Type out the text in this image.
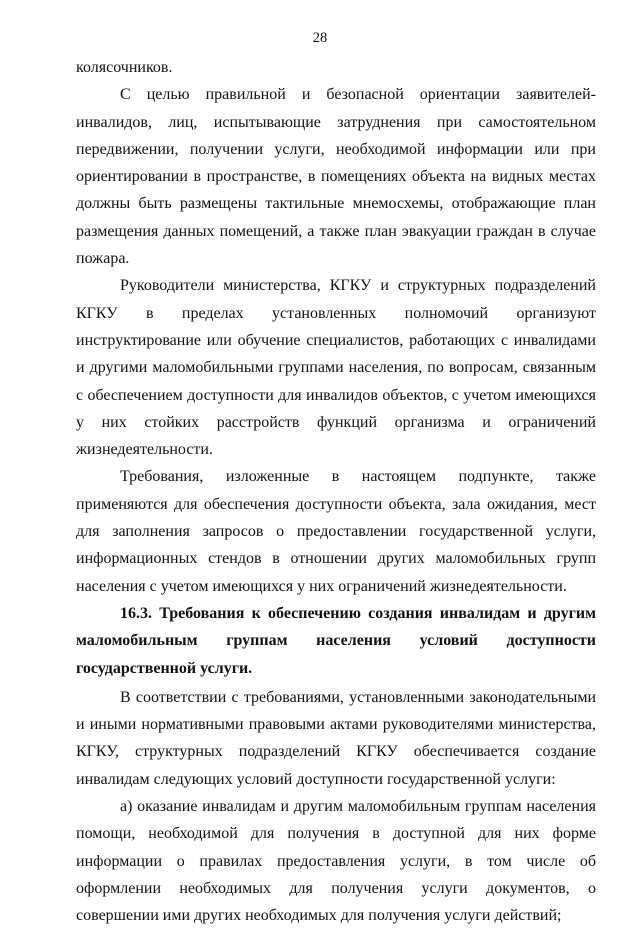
28

колясочников.

С целью правильной и безопасной ориентации заявителей-инвалидов, лиц, испытывающие затруднения при самостоятельном передвижении, получении услуги, необходимой информации или при ориентировании в пространстве, в помещениях объекта на видных местах должны быть размещены тактильные мнемосхемы, отображающие план размещения данных помещений, а также план эвакуации граждан в случае пожара.

Руководители министерства, КГКУ и структурных подразделений КГКУ в пределах установленных полномочий организуют инструктирование или обучение специалистов, работающих с инвалидами и другими маломобильными группами населения, по вопросам, связанным с обеспечением доступности для инвалидов объектов, с учетом имеющихся у них стойких расстройств функций организма и ограничений жизнедеятельности.

Требования, изложенные в настоящем подпункте, также применяются для обеспечения доступности объекта, зала ожидания, мест для заполнения запросов о предоставлении государственной услуги, информационных стендов в отношении других маломобильных групп населения с учетом имеющихся у них ограничений жизнедеятельности.

16.3. Требования к обеспечению создания инвалидам и другим маломобильным группам населения условий доступности государственной услуги.

В соответствии с требованиями, установленными законодательными и иными нормативными правовыми актами руководителями министерства, КГКУ, структурных подразделений КГКУ обеспечивается создание инвалидам следующих условий доступности государственной услуги:

а) оказание инвалидам и другим маломобильным группам населения помощи, необходимой для получения в доступной для них форме информации о правилах предоставления услуги, в том числе об оформлении необходимых для получения услуги документов, о совершении ими других необходимых для получения услуги действий;
